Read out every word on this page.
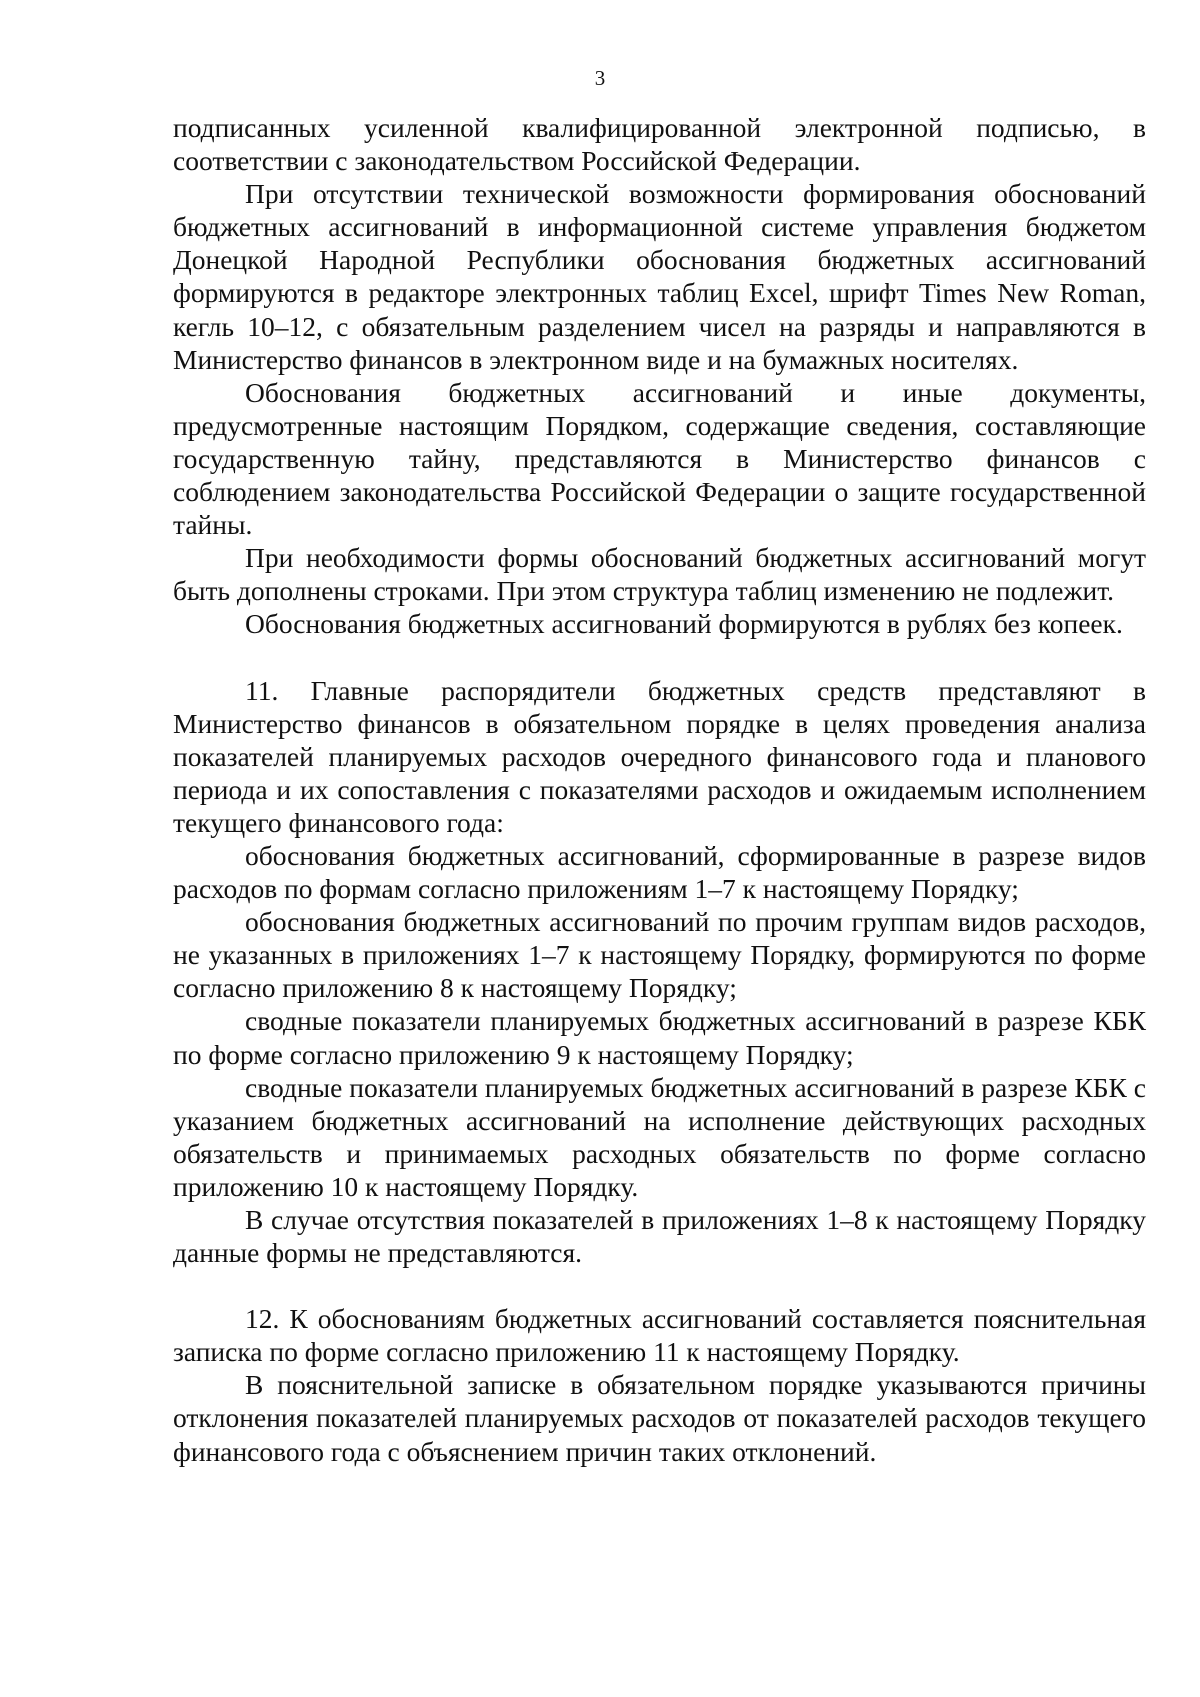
3

подписанных усиленной квалифицированной электронной подписью, в соответствии с законодательством Российской Федерации.

При отсутствии технической возможности формирования обоснований бюджетных ассигнований в информационной системе управления бюджетом Донецкой Народной Республики обоснования бюджетных ассигнований формируются в редакторе электронных таблиц Excel, шрифт Times New Roman, кегль 10–12, с обязательным разделением чисел на разряды и направляются в Министерство финансов в электронном виде и на бумажных носителях.

Обоснования бюджетных ассигнований и иные документы, предусмотренные настоящим Порядком, содержащие сведения, составляющие государственную тайну, представляются в Министерство финансов с соблюдением законодательства Российской Федерации о защите государственной тайны.

При необходимости формы обоснований бюджетных ассигнований могут быть дополнены строками. При этом структура таблиц изменению не подлежит.

Обоснования бюджетных ассигнований формируются в рублях без копеек.

11. Главные распорядители бюджетных средств представляют в Министерство финансов в обязательном порядке в целях проведения анализа показателей планируемых расходов очередного финансового года и планового периода и их сопоставления с показателями расходов и ожидаемым исполнением текущего финансового года:

обоснования бюджетных ассигнований, сформированные в разрезе видов расходов по формам согласно приложениям 1–7 к настоящему Порядку;

обоснования бюджетных ассигнований по прочим группам видов расходов, не указанных в приложениях 1–7 к настоящему Порядку, формируются по форме согласно приложению 8 к настоящему Порядку;

сводные показатели планируемых бюджетных ассигнований в разрезе КБК по форме согласно приложению 9 к настоящему Порядку;

сводные показатели планируемых бюджетных ассигнований в разрезе КБК с указанием бюджетных ассигнований на исполнение действующих расходных обязательств и принимаемых расходных обязательств по форме согласно приложению 10 к настоящему Порядку.

В случае отсутствия показателей в приложениях 1–8 к настоящему Порядку данные формы не представляются.

12. К обоснованиям бюджетных ассигнований составляется пояснительная записка по форме согласно приложению 11 к настоящему Порядку.

В пояснительной записке в обязательном порядке указываются причины отклонения показателей планируемых расходов от показателей расходов текущего финансового года с объяснением причин таких отклонений.
